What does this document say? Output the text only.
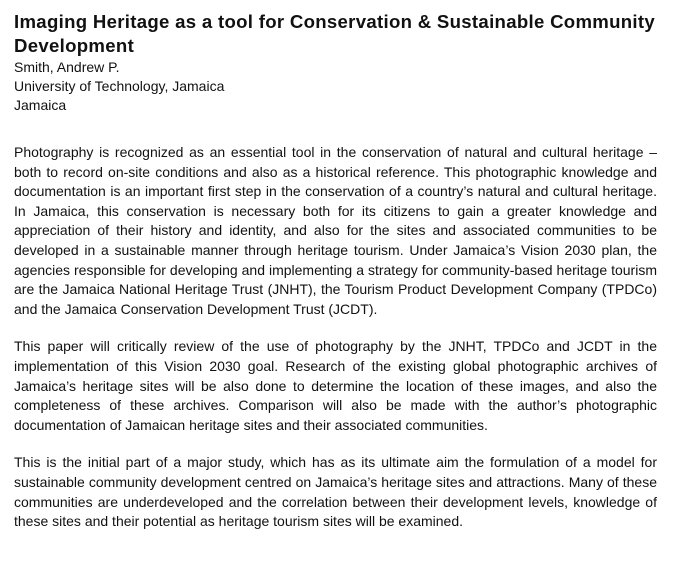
Imaging Heritage as a tool for Conservation & Sustainable Community Development
Smith, Andrew P.
University of Technology, Jamaica
Jamaica

Photography is recognized as an essential tool in the conservation of natural and cultural heritage – both to record on-site conditions and also as a historical reference. This photographic knowledge and documentation is an important first step in the conservation of a country’s natural and cultural heritage. In Jamaica, this conservation is necessary both for its citizens to gain a greater knowledge and appreciation of their history and identity, and also for the sites and associated communities to be developed in a sustainable manner through heritage tourism. Under Jamaica’s Vision 2030 plan, the agencies responsible for developing and implementing a strategy for community-based heritage tourism are the Jamaica National Heritage Trust (JNHT), the Tourism Product Development Company (TPDCo) and the Jamaica Conservation Development Trust (JCDT).

This paper will critically review of the use of photography by the JNHT, TPDCo and JCDT in the implementation of this Vision 2030 goal. Research of the existing global photographic archives of Jamaica’s heritage sites will be also done to determine the location of these images, and also the completeness of these archives. Comparison will also be made with the author’s photographic documentation of Jamaican heritage sites and their associated communities.

This is the initial part of a major study, which has as its ultimate aim the formulation of a model for sustainable community development centred on Jamaica’s heritage sites and attractions. Many of these communities are underdeveloped and the correlation between their development levels, knowledge of these sites and their potential as heritage tourism sites will be examined.
